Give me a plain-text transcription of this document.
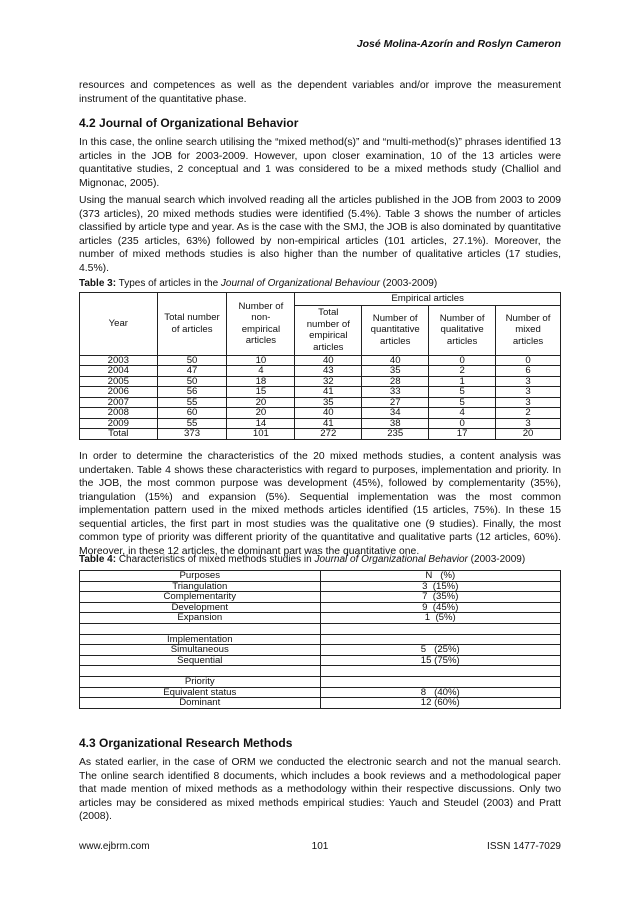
José Molina-Azorín and Roslyn Cameron

resources and competences as well as the dependent variables and/or improve the measurement instrument of the quantitative phase.

4.2 Journal of Organizational Behavior

In this case, the online search utilising the “mixed method(s)” and “multi-method(s)” phrases identified 13 articles in the JOB for 2003-2009. However, upon closer examination, 10 of the 13 articles were quantitative studies, 2 conceptual and 1 was considered to be a mixed methods study (Challiol and Mignonac, 2005).

Using the manual search which involved reading all the articles published in the JOB from 2003 to 2009 (373 articles), 20 mixed methods studies were identified (5.4%). Table 3 shows the number of articles classified by article type and year. As is the case with the SMJ, the JOB is also dominated by quantitative articles (235 articles, 63%) followed by non-empirical articles (101 articles, 27.1%). Moreover, the number of mixed methods studies is also higher than the number of qualitative articles (17 studies, 4.5%).

Table 3: Types of articles in the Journal of Organizational Behaviour (2003-2009)
Year	Total number of articles	Number of non-empirical articles	Empirical articles			
			Total number of empirical articles	Number of quantitative articles	Number of qualitative articles	Number of mixed articles
2003	50	10	40	40	0	0
2004	47	4	43	35	2	6
2005	50	18	32	28	1	3
2006	56	15	41	33	5	3
2007	55	20	35	27	5	3
2008	60	20	40	34	4	2
2009	55	14	41	38	0	3
Total	373	101	272	235	17	20

In order to determine the characteristics of the 20 mixed methods studies, a content analysis was undertaken. Table 4 shows these characteristics with regard to purposes, implementation and priority. In the JOB, the most common purpose was development (45%), followed by complementarity (35%), triangulation (15%) and expansion (5%). Sequential implementation was the most common implementation pattern used in the mixed methods articles identified (15 articles, 75%). In these 15 sequential articles, the first part in most studies was the qualitative one (9 studies). Finally, the most common type of priority was different priority of the quantitative and qualitative parts (12 articles, 60%). Moreover, in these 12 articles, the dominant part was the quantitative one.

Table 4: Characteristics of mixed methods studies in Journal of Organizational Behavior (2003-2009)
Purposes	N   (%)
Triangulation	3  (15%)
Complementarity	7  (35%)
Development	9  (45%)
Expansion	1  (5%)

Implementation	
Simultaneous	5   (25%)
Sequential	15 (75%)

Priority	
Equivalent status	8   (40%)
Dominant	12 (60%)
4.3 Organizational Research Methods

As stated earlier, in the case of ORM we conducted the electronic search and not the manual search. The online search identified 8 documents, which includes a book reviews and a methodological paper that made mention of mixed methods as a methodology within their respective discussions. Only two articles may be considered as mixed methods empirical studies: Yauch and Steudel (2003) and Pratt (2008).

www.ejbrm.com	101	ISSN 1477-7029
